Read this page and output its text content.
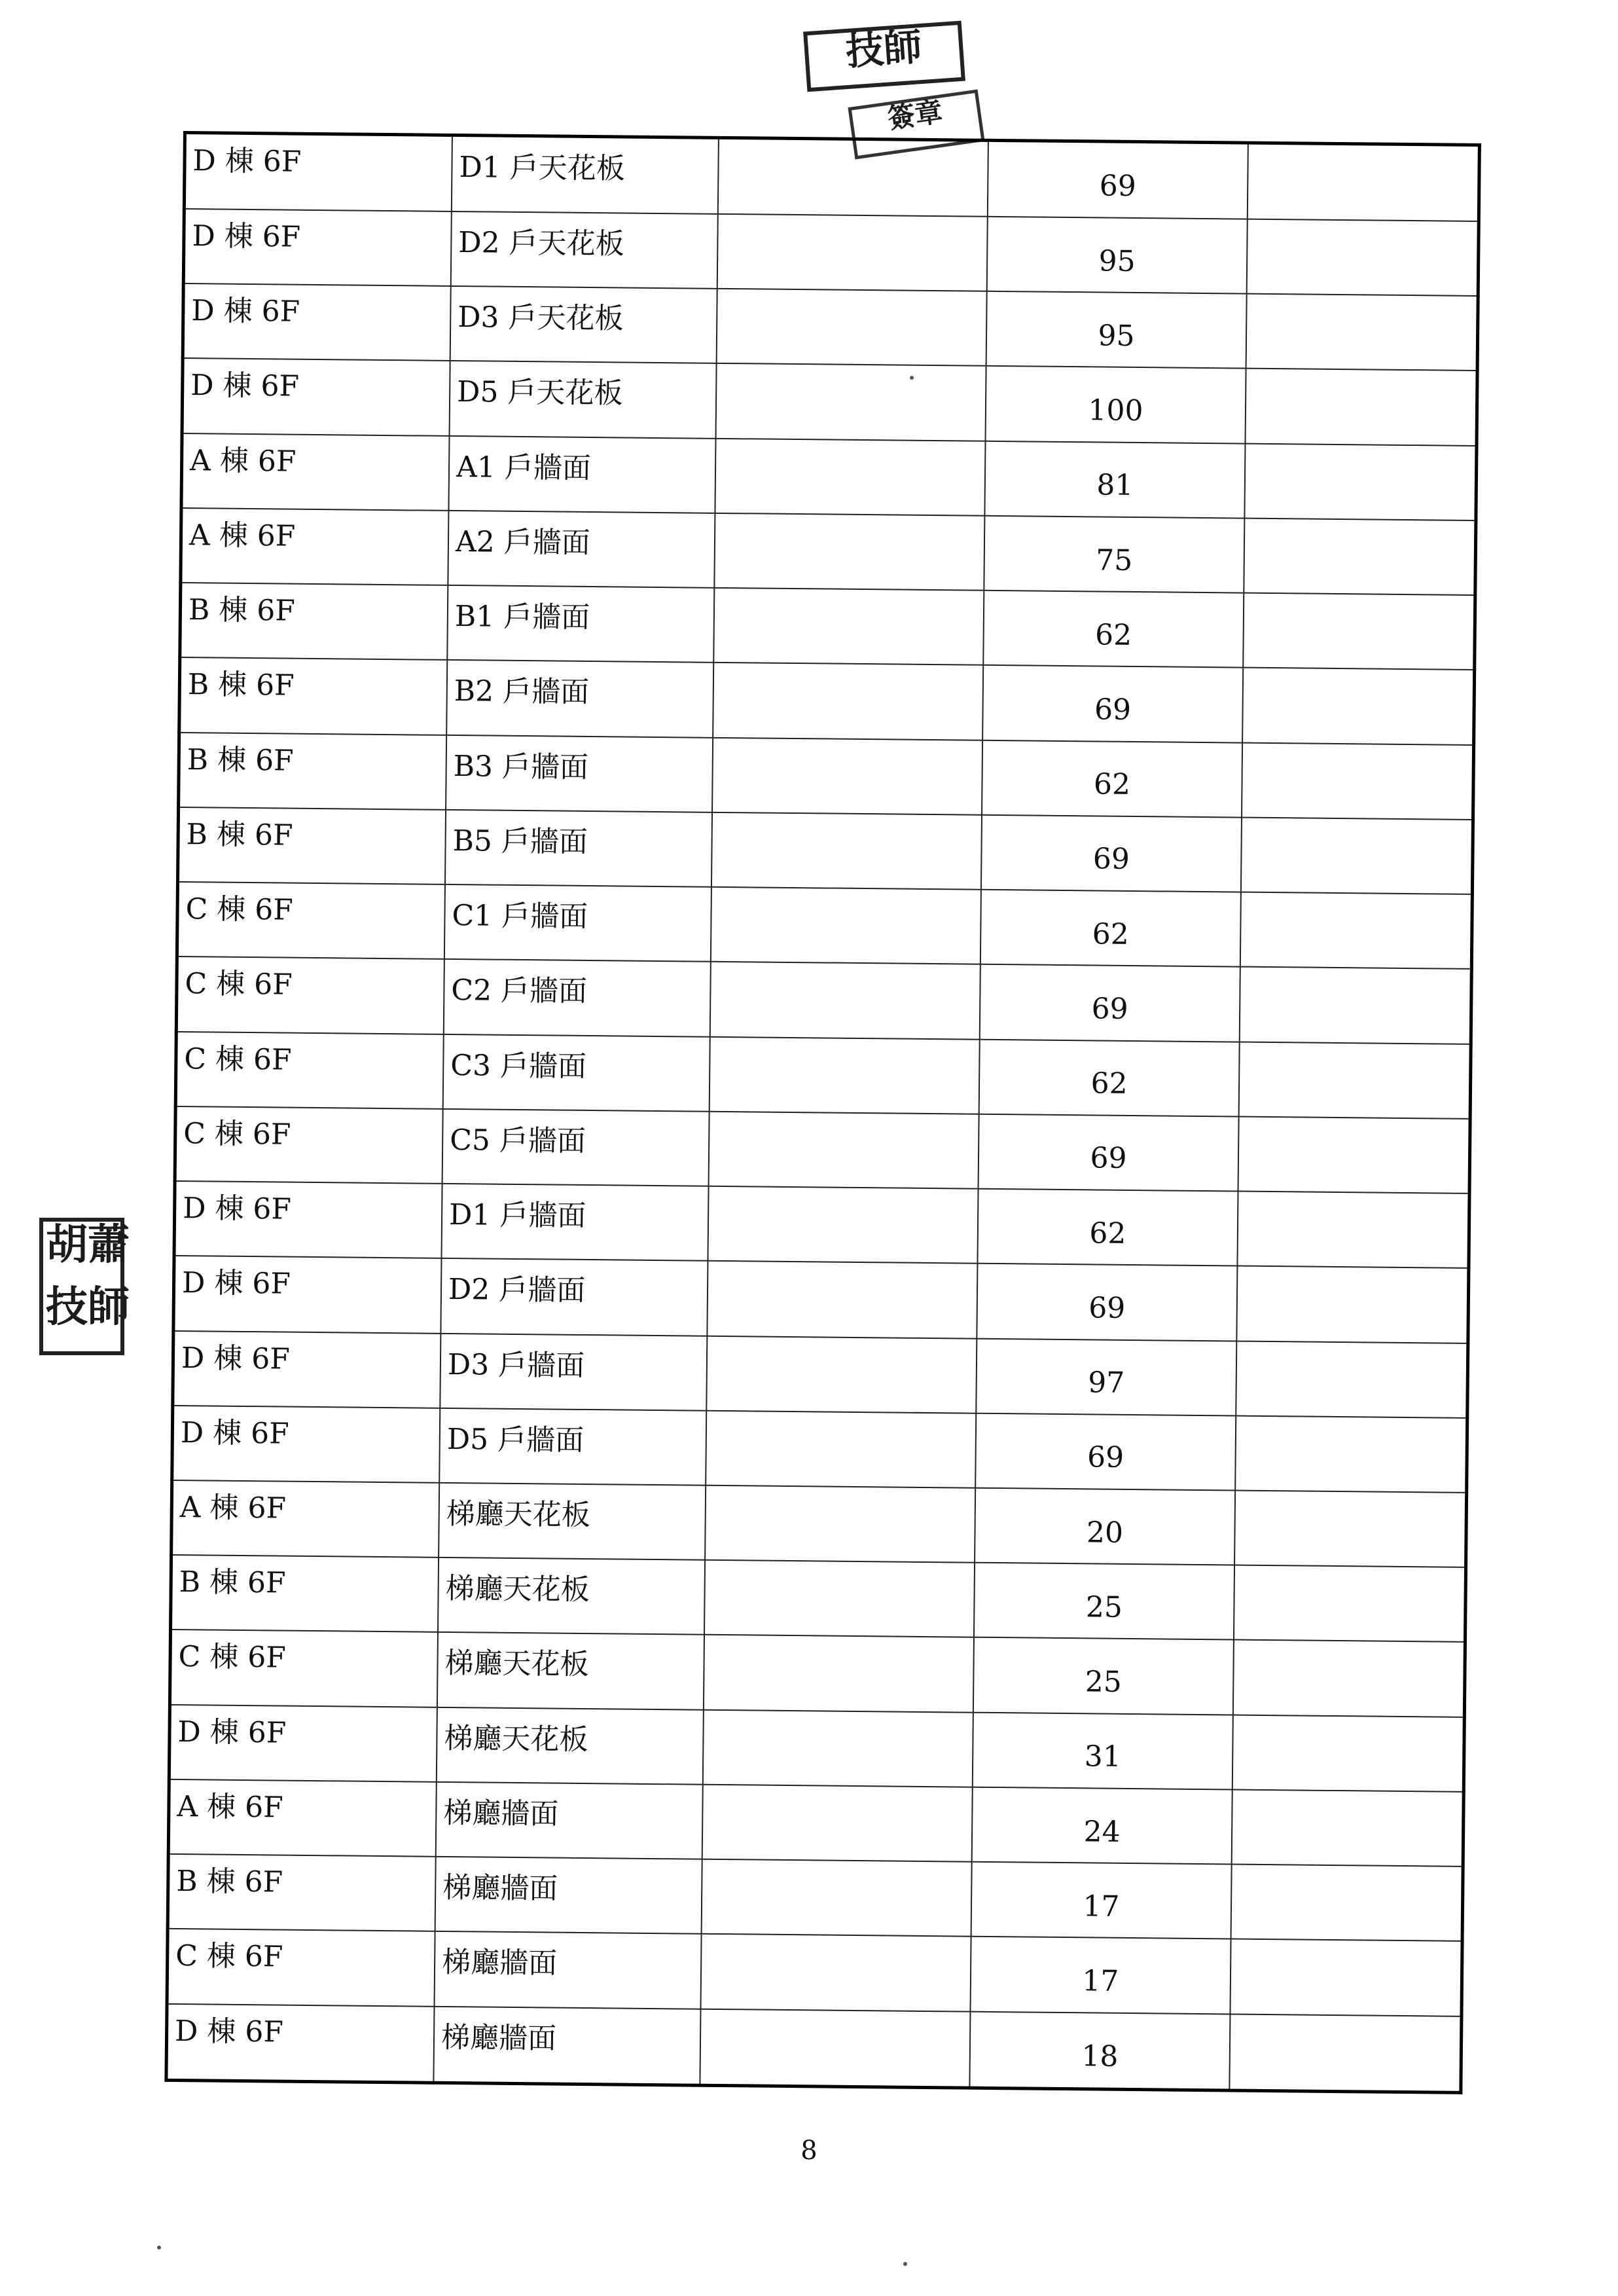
技師
簽章
胡 蕭
技 師
D 棟 6F	D1 戶天花板		69	
D 棟 6F	D2 戶天花板		95	
D 棟 6F	D3 戶天花板		95	
D 棟 6F	D5 戶天花板		100	
A 棟 6F	A1 戶牆面		81	
A 棟 6F	A2 戶牆面		75	
B 棟 6F	B1 戶牆面		62	
B 棟 6F	B2 戶牆面		69	
B 棟 6F	B3 戶牆面		62	
B 棟 6F	B5 戶牆面		69	
C 棟 6F	C1 戶牆面		62	
C 棟 6F	C2 戶牆面		69	
C 棟 6F	C3 戶牆面		62	
C 棟 6F	C5 戶牆面		69	
D 棟 6F	D1 戶牆面		62	
D 棟 6F	D2 戶牆面		69	
D 棟 6F	D3 戶牆面		97	
D 棟 6F	D5 戶牆面		69	
A 棟 6F	梯廳天花板		20	
B 棟 6F	梯廳天花板		25	
C 棟 6F	梯廳天花板		25	
D 棟 6F	梯廳天花板		31	
A 棟 6F	梯廳牆面		24	
B 棟 6F	梯廳牆面		17	
C 棟 6F	梯廳牆面		17	
D 棟 6F	梯廳牆面		18	
8
